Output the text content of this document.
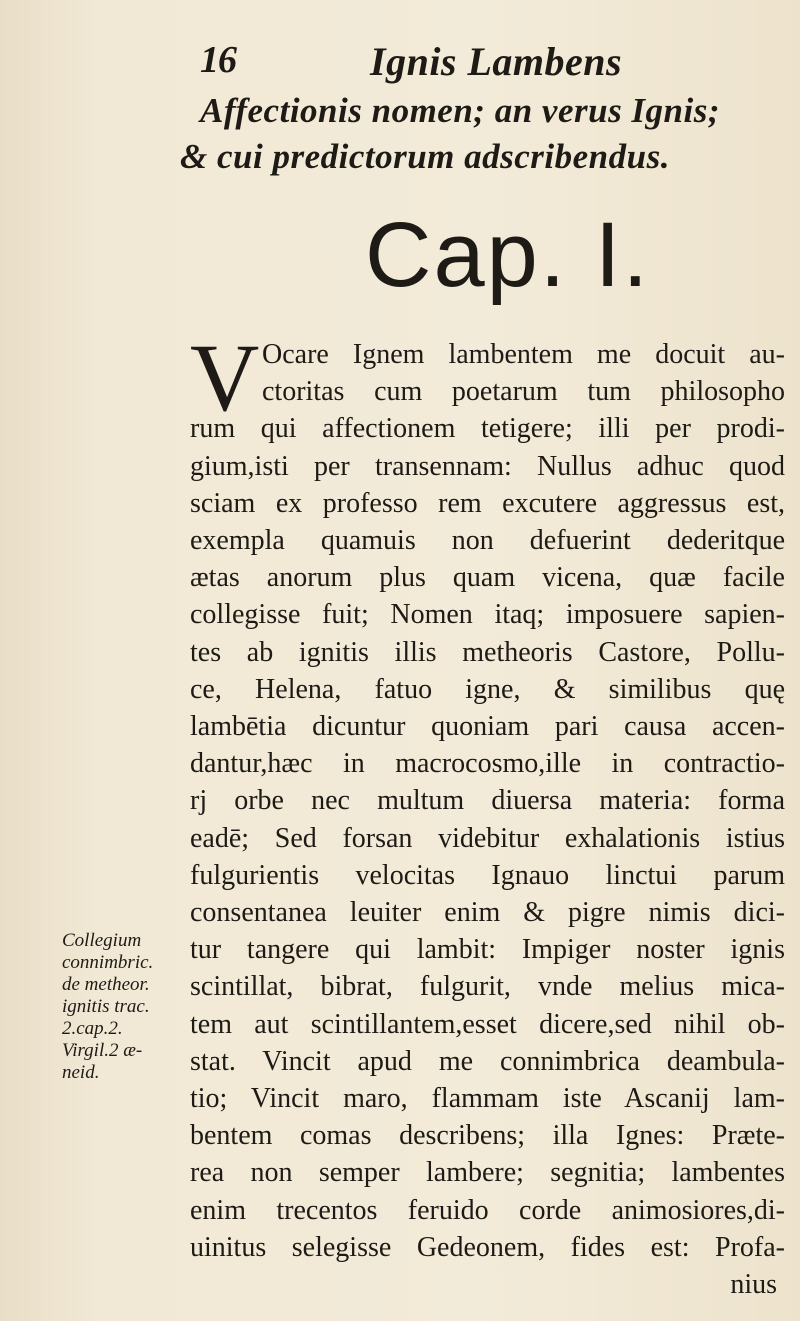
16	Ignis Lambens
Affectionis nomen; an verus Ignis;
& cui predictorum adscribendus.
Cap. I.
V Ocare Ignem lambentem me docuit au-
ctoritas cum poetarum tum philosopho
rum qui affectionem tetigere; illi per prodi-
gium,isti per transennam: Nullus adhuc quod
sciam ex professo rem excutere aggressus est,
exempla quamuis non defuerint dederitque
ætas anorum plus quam vicena, quæ facile
collegisse fuit; Nomen itaq; imposuere sapien-
tes ab ignitis illis metheoris Castore, Pollu-
ce, Helena, fatuo igne, & similibus quę
lambētia dicuntur quoniam pari causa accen-
dantur,hæc in macrocosmo,ille in contractio-
rj orbe nec multum diuersa materia: forma
eadē; Sed forsan videbitur exhalationis istius
fulgurientis velocitas Ignauo linctui parum
consentanea leuiter enim & pigre nimis dici-
tur tangere qui lambit: Impiger noster ignis
scintillat, bibrat, fulgurit, vnde melius mica-
tem aut scintillantem,esset dicere,sed nihil ob-
stat. Vincit apud me connimbrica deambula-
tio; Vincit maro, flammam iste Ascanij lam-
bentem comas describens; illa Ignes: Præte-
rea non semper lambere; segnitia; lambentes
enim trecentos feruido corde animosiores,di-
uinitus selegisse Gedeonem, fides est: Profa-
nius
Collegium
connimbric.
de metheor.
ignitis trac.
2.cap.2.
Virgil.2 æ-
neid.
